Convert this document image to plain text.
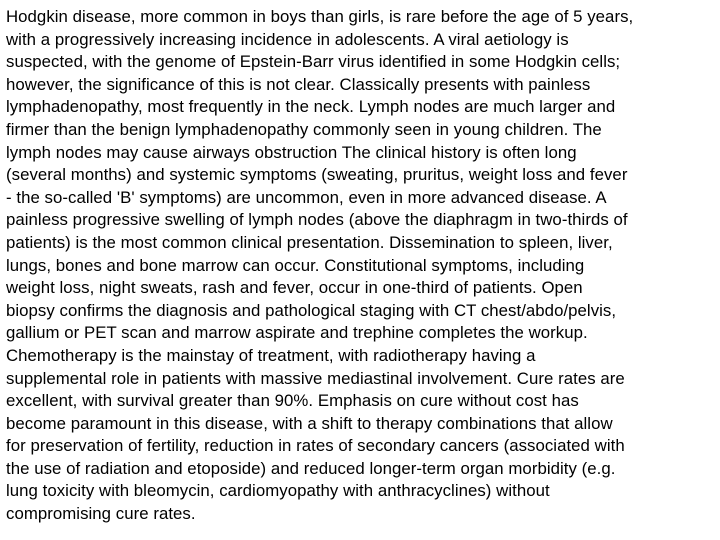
Hodgkin disease, more common in boys than girls, is rare before the age of 5 years,
with a progressively increasing incidence in adolescents. A viral aetiology is
suspected, with the genome of Epstein-Barr virus identified in some Hodgkin cells;
however, the significance of this is not clear. Classically presents with painless
lymphadenopathy, most frequently in the neck. Lymph nodes are much larger and
firmer than the benign lymphadenopathy commonly seen in young children. The
lymph nodes may cause airways obstruction The clinical history is often long
(several months) and systemic symptoms (sweating, pruritus, weight loss and fever
- the so-called 'B' symptoms) are uncommon, even in more advanced disease. A
painless progressive swelling of lymph nodes (above the diaphragm in two-thirds of
patients) is the most common clinical presentation. Dissemination to spleen, liver,
lungs, bones and bone marrow can occur. Constitutional symptoms, including
weight loss, night sweats, rash and fever, occur in one-third of patients. Open
biopsy confirms the diagnosis and pathological staging with CT chest/abdo/pelvis,
gallium or PET scan and marrow aspirate and trephine completes the workup.
Chemotherapy is the mainstay of treatment, with radiotherapy having a
supplemental role in patients with massive mediastinal involvement. Cure rates are
excellent, with survival greater than 90%. Emphasis on cure without cost has
become paramount in this disease, with a shift to therapy combinations that allow
for preservation of fertility, reduction in rates of secondary cancers (associated with
the use of radiation and etoposide) and reduced longer-term organ morbidity (e.g.
lung toxicity with bleomycin, cardiomyopathy with anthracyclines) without
compromising cure rates.
